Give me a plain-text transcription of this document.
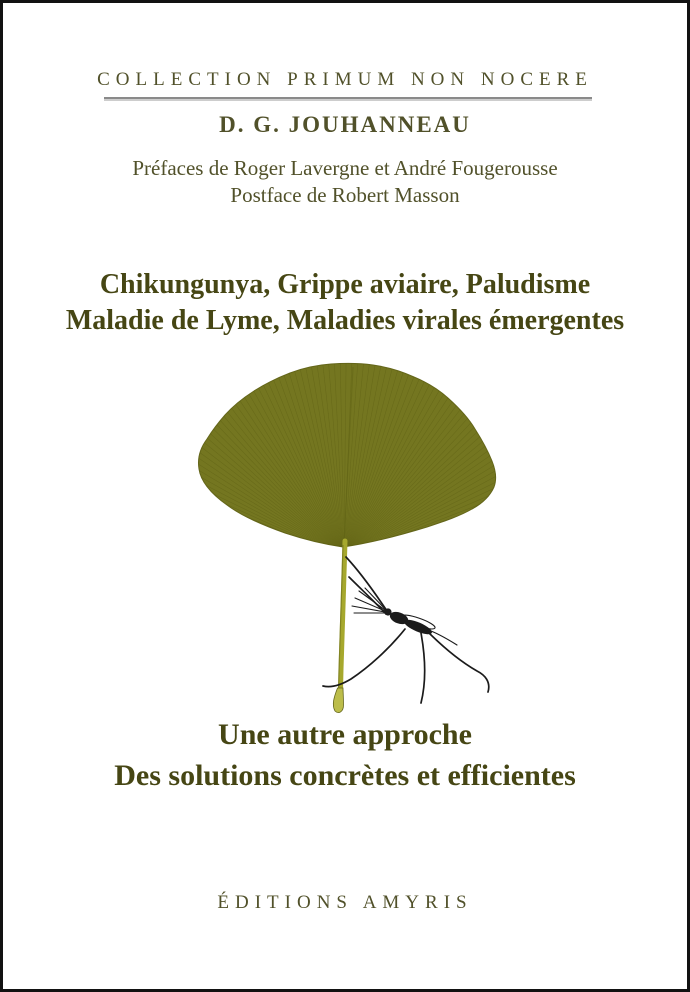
COLLECTION PRIMUM NON NOCERE
D. G. JOUHANNEAU
Préfaces de Roger Lavergne et André Fougerousse
Postface de Robert Masson
Chikungunya, Grippe aviaire, Paludisme
Maladie de Lyme, Maladies virales émergentes
Une autre approche
Des solutions concrètes et efficientes
ÉDITIONS AMYRIS
